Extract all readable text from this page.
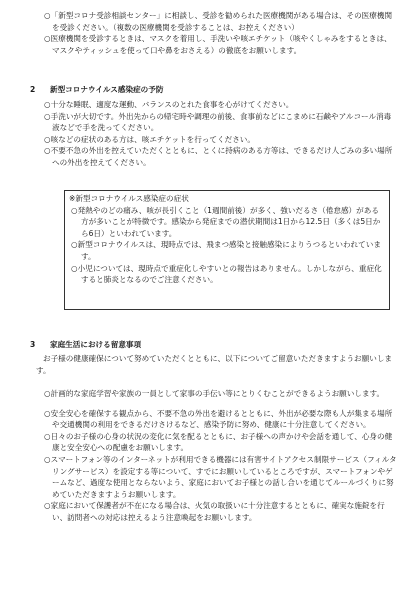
○「新型コロナ受診相談センター」に相談し、受診を勧められた医療機関がある場合は、その医療機関を受診ください。（複数の医療機関を受診することは、お控えください）

○医療機関を受診するときは、マスクを着用し、手洗いや咳エチケット（咳やくしゃみをするときは、マスクやティッシュを使って口や鼻をおさえる）の徹底をお願いします。

2 新型コロナウイルス感染症の予防

○十分な睡眠、適度な運動、バランスのとれた食事を心がけてください。

○手洗いが大切です。外出先からの帰宅時や調理の前後、食事前などにこまめに石鹸やアルコール消毒液などで手を洗ってください。

○咳などの症状のある方は、咳エチケットを行ってください。

○不要不急の外出を控えていただくとともに、とくに持病のある方等は、できるだけ人ごみの多い場所への外出を控えてください。

※新型コロナウイルス感染症の症状

○発熱やのどの痛み、咳が長引くこと（1週間前後）が多く、強いだるさ（倦怠感）がある方が多いことが特徴です。感染から発症までの潜伏期間は1日から12.5日（多くは5日から6日）といわれています。

○新型コロナウイルスは、現時点では、飛まつ感染と接触感染によりうつるといわれています。

○小児については、現時点で重症化しやすいとの報告はありません。しかしながら、重症化すると肺炎となるのでご注意ください。

3 家庭生活における留意事項

お子様の健康確保について努めていただくとともに、以下についてご留意いただきますようお願いします。

○計画的な家庭学習や家族の一員として家事の手伝い等にとりくむことができるようお願いします。

○安全安心を確保する観点から、不要不急の外出を避けるとともに、外出が必要な際も人が集まる場所や交通機関の利用をできるだけさけるなど、感染予防に努め、健康に十分注意してください。

○日々のお子様の心身の状況の変化に気を配るとともに、お子様への声かけや会話を通して、心身の健康と安全安心への配慮をお願いします。

○スマートフォン等のインターネットが利用できる機器には有害サイトアクセス制限サービス（フィルタリングサービス）を設定する等について、すでにお願いしているところですが、スマートフォンやゲームなど、過度な使用とならないよう、家庭においてお子様との話し合いを通じてルールづくりに努めていただきますようお願いします。

○家庭において保護者が不在になる場合は、火気の取扱いに十分注意するとともに、確実な施錠を行い、訪問者への対応は控えるよう注意喚起をお願いします。
